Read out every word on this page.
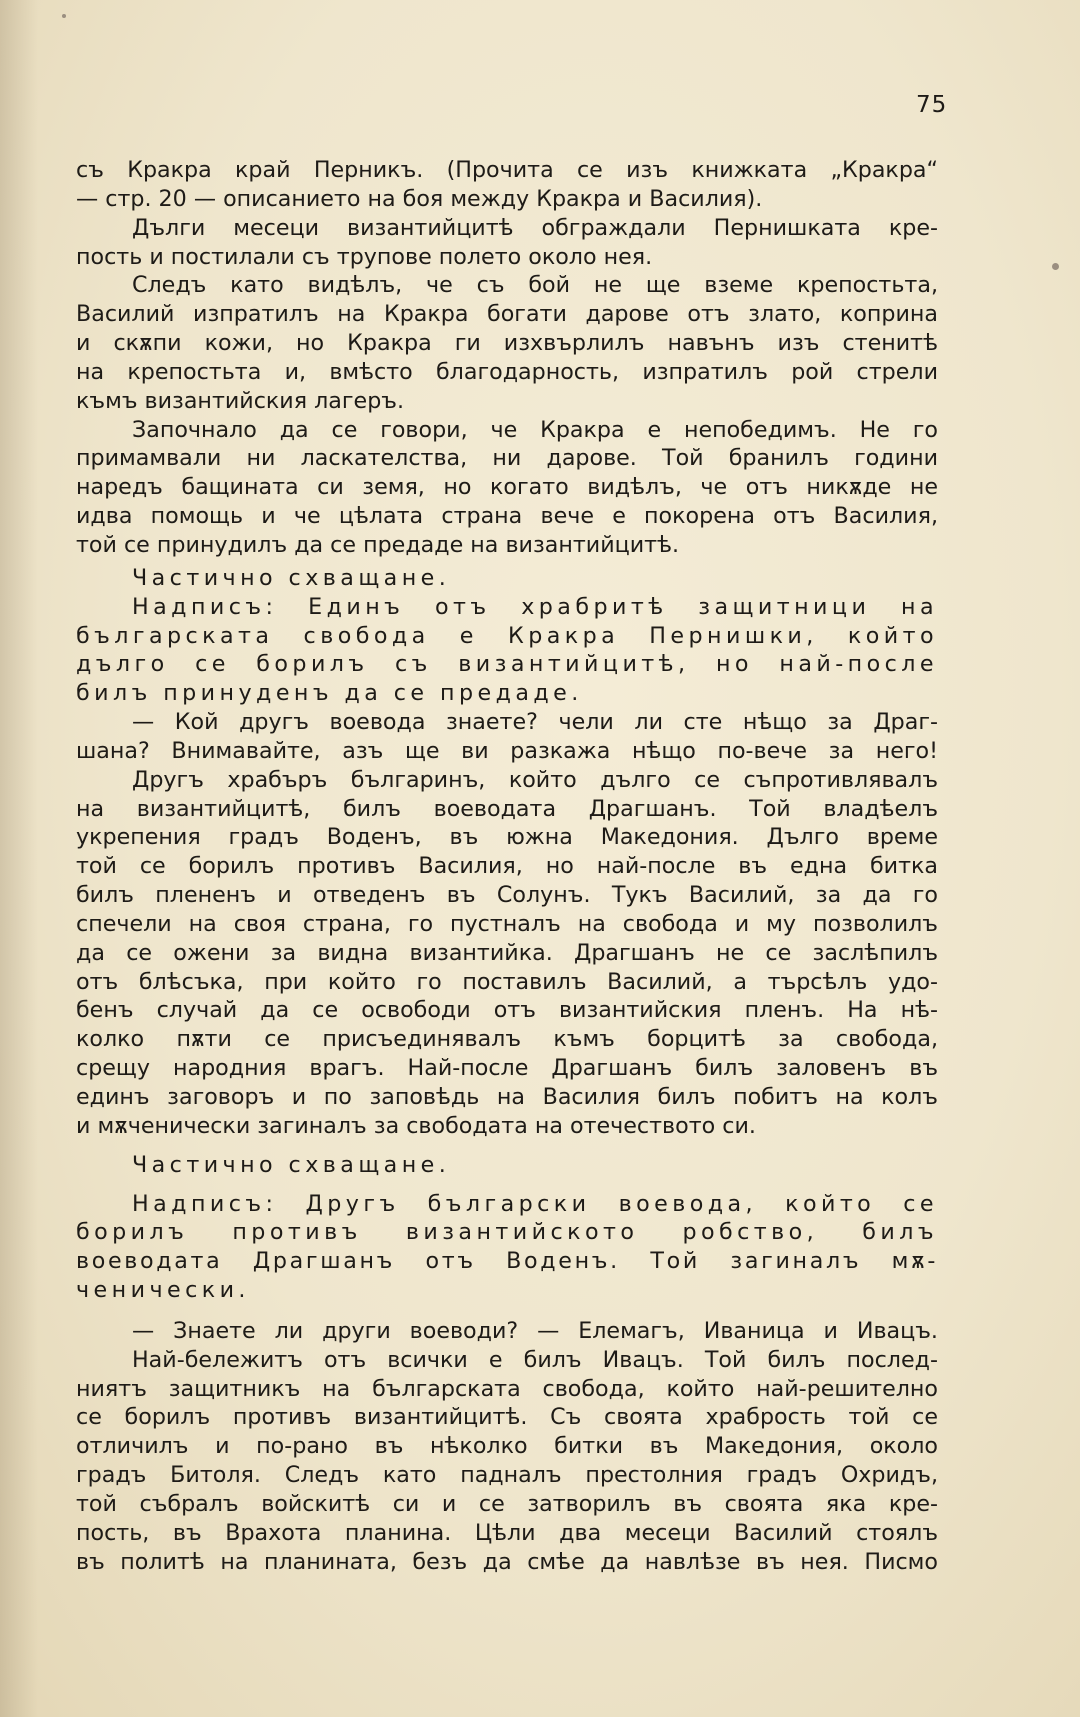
75

съ Кракра край Перникъ. (Прочита се изъ книжката „Кракра“

— стр. 20 — описанието на боя между Кракра и Василия).

Дълги месеци византийцитѣ обграждали Пернишката кре-

пость и постилали съ трупове полето около нея.

Следъ като видѣлъ, че съ бой не ще вземе крепостьта,

Василий изпратилъ на Кракра богати дарове отъ злато, коприна

и скѫпи кожи, но Кракра ги изхвърлилъ навънъ изъ стенитѣ

на крепостьта и, вмѣсто благодарность, изпратилъ рой стрели

къмъ византийския лагеръ.

Започнало да се говори, че Кракра е непобедимъ. Не го

примамвали ни ласкателства, ни дарове. Той бранилъ години

наредъ бащината си земя, но когато видѣлъ, че отъ никѫде не

идва помощь и че цѣлата страна вече е покорена отъ Василия,

той се принудилъ да се предаде на византийцитѣ.

Частично схващане.

Надписъ: Единъ отъ храбритѣ защитници на

българската свобода е Кракра Пернишки, който

дълго се борилъ съ византийцитѣ, но най-после

билъ принуденъ да се предаде.

— Кой другъ воевода знаете? чели ли сте нѣщо за Драг-

шана? Внимавайте, азъ ще ви разкажа нѣщо по-вече за него!

Другъ храбъръ българинъ, който дълго се съпротивлявалъ

на византийцитѣ, билъ воеводата Драгшанъ. Той владѣелъ

укрепения градъ Воденъ, въ южна Македония. Дълго време

той се борилъ противъ Василия, но най-после въ една битка

билъ плененъ и отведенъ въ Солунъ. Тукъ Василий, за да го

спечели на своя страна, го пустналъ на свобода и му позволилъ

да се ожени за видна византийка. Драгшанъ не се заслѣпилъ

отъ блѣсъка, при който го поставилъ Василий, а търсѣлъ удо-

бенъ случай да се освободи отъ византийския пленъ. На нѣ-

колко пѫти се присъединявалъ къмъ борцитѣ за свобода,

срещу народния врагъ. Най-после Драгшанъ билъ заловенъ въ

единъ заговоръ и по заповѣдь на Василия билъ побитъ на колъ

и мѫченически загиналъ за свободата на отечеството си.

Частично схващане.

Надписъ: Другъ български воевода, който се

борилъ противъ византийското робство, билъ

воеводата Драгшанъ отъ Воденъ. Той загиналъ мѫ-

ченически.

— Знаете ли други воеводи? — Елемагъ, Иваница и Ивацъ.

Най-бележитъ отъ всички е билъ Ивацъ. Той билъ послед-

ниятъ защитникъ на българската свобода, който най-решително

се борилъ противъ византийцитѣ. Съ своята храбрость той се

отличилъ и по-рано въ нѣколко битки въ Македония, около

градъ Битоля. Следъ като падналъ престолния градъ Охридъ,

той събралъ войскитѣ си и се затворилъ въ своята яка кре-

пость, въ Врахота планина. Цѣли два месеци Василий стоялъ

въ политѣ на планината, безъ да смѣе да навлѣзе въ нея. Писмо
